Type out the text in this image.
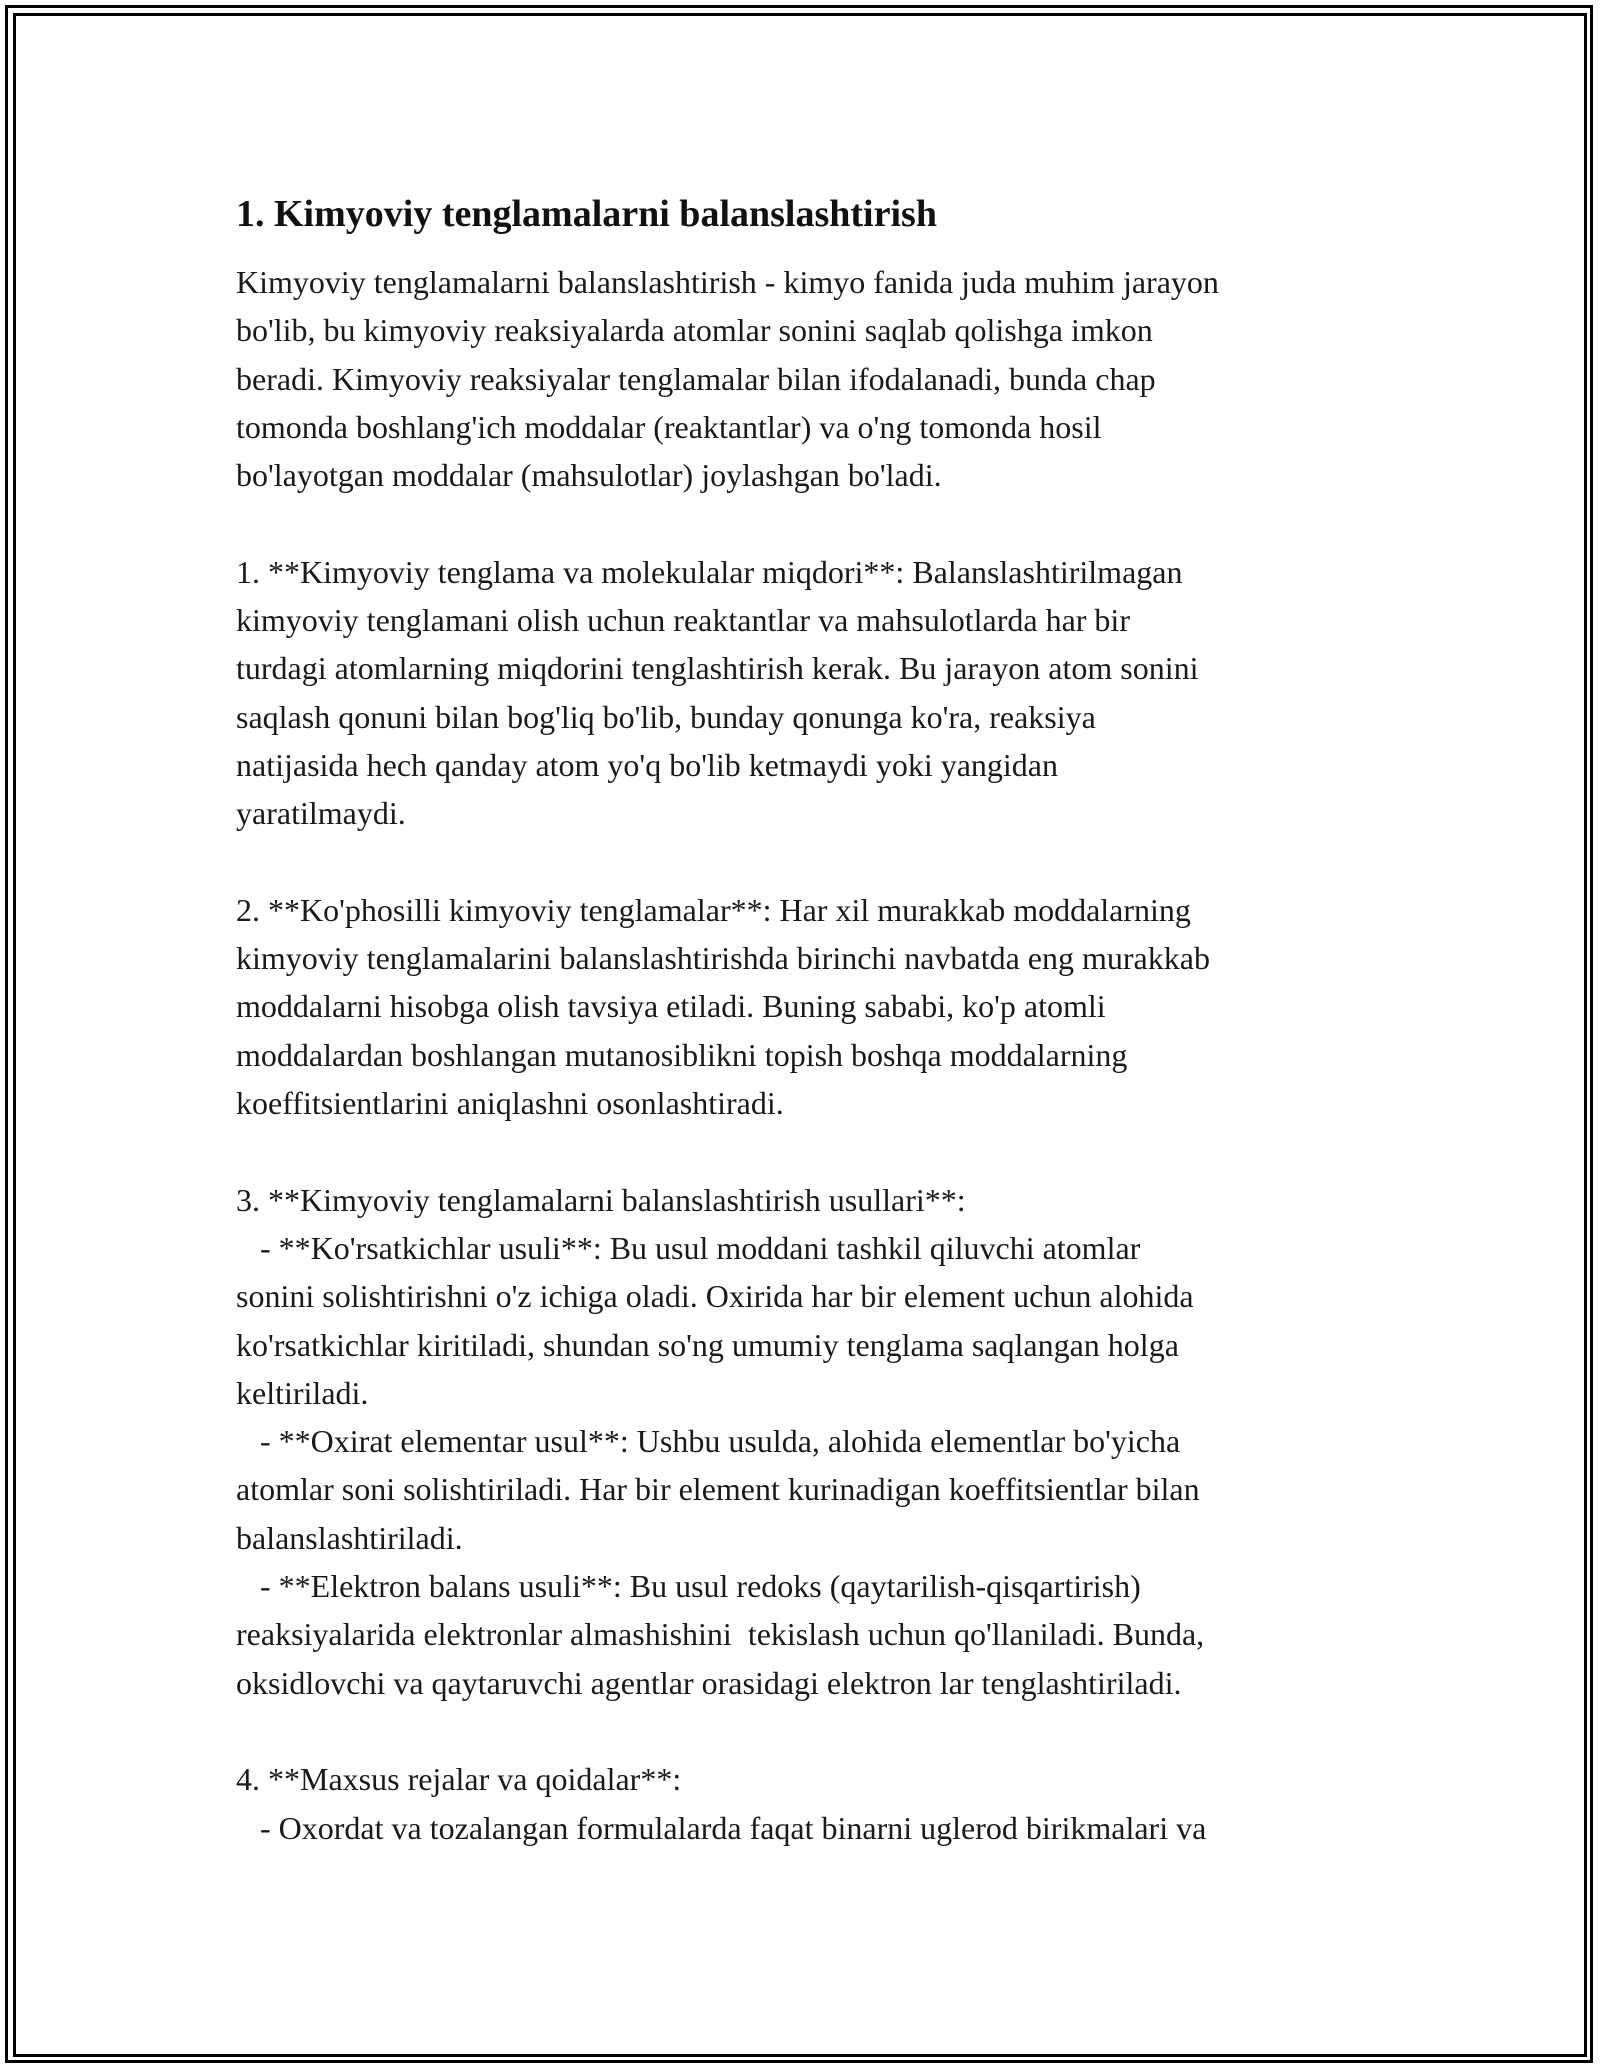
1. Kimyoviy tenglamalarni balanslashtirish
Kimyoviy tenglamalarni balanslashtirish - kimyo fanida juda muhim jarayon
bo'lib, bu kimyoviy reaksiyalarda atomlar sonini saqlab qolishga imkon
beradi. Kimyoviy reaksiyalar tenglamalar bilan ifodalanadi, bunda chap
tomonda boshlang'ich moddalar (reaktantlar) va o'ng tomonda hosil
bo'layotgan moddalar (mahsulotlar) joylashgan bo'ladi.

1. **Kimyoviy tenglama va molekulalar miqdori**: Balanslashtirilmagan
kimyoviy tenglamani olish uchun reaktantlar va mahsulotlarda har bir
turdagi atomlarning miqdorini tenglashtirish kerak. Bu jarayon atom sonini
saqlash qonuni bilan bog'liq bo'lib, bunday qonunga ko'ra, reaksiya
natijasida hech qanday atom yo'q bo'lib ketmaydi yoki yangidan
yaratilmaydi.

2. **Ko'phosilli kimyoviy tenglamalar**: Har xil murakkab moddalarning
kimyoviy tenglamalarini balanslashtirishda birinchi navbatda eng murakkab
moddalarni hisobga olish tavsiya etiladi. Buning sababi, ko'p atomli
moddalardan boshlangan mutanosiblikni topish boshqa moddalarning
koeffitsientlarini aniqlashni osonlashtiradi.

3. **Kimyoviy tenglamalarni balanslashtirish usullari**:
- **Ko'rsatkichlar usuli**: Bu usul moddani tashkil qiluvchi atomlar
sonini solishtirishni o'z ichiga oladi. Oxirida har bir element uchun alohida
ko'rsatkichlar kiritiladi, shundan so'ng umumiy tenglama saqlangan holga
keltiriladi.
- **Oxirat elementar usul**: Ushbu usulda, alohida elementlar bo'yicha
atomlar soni solishtiriladi. Har bir element kurinadigan koeffitsientlar bilan
balanslashtiriladi.
- **Elektron balans usuli**: Bu usul redoks (qaytarilish-qisqartirish)
reaksiyalarida elektronlar almashishini  tekislash uchun qo'llaniladi. Bunda,
oksidlovchi va qaytaruvchi agentlar orasidagi elektron lar tenglashtiriladi.

4. **Maxsus rejalar va qoidalar**:
- Oxordat va tozalangan formulalarda faqat binarni uglerod birikmalari va
